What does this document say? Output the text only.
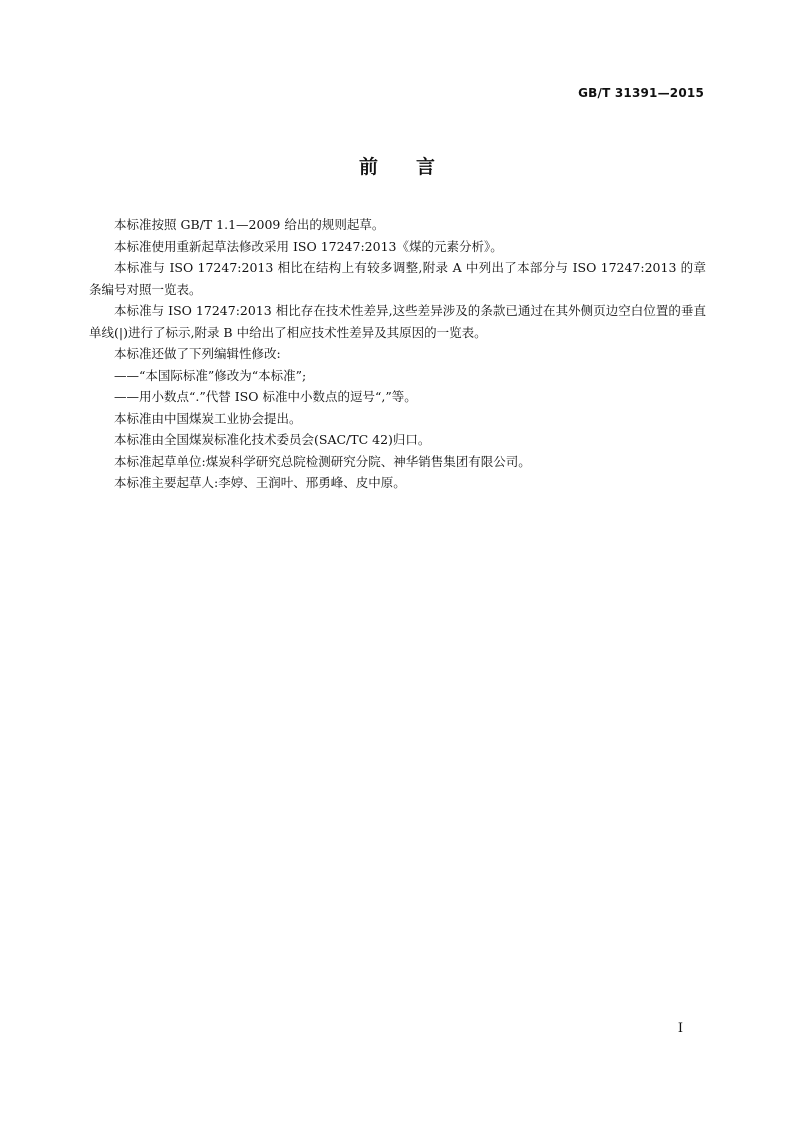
GB/T 31391—2015
前言

本标准按照 GB/T 1.1—2009 给出的规则起草。

本标准使用重新起草法修改采用 ISO 17247:2013《煤的元素分析》。

本标准与 ISO 17247:2013 相比在结构上有较多调整,附录 A 中列出了本部分与 ISO 17247:2013 的章条编号对照一览表。

本标准与 ISO 17247:2013 相比存在技术性差异,这些差异涉及的条款已通过在其外侧页边空白位置的垂直单线(|)进行了标示,附录 B 中给出了相应技术性差异及其原因的一览表。

本标准还做了下列编辑性修改:

——“本国际标准”修改为“本标准”;

——用小数点“.”代替 ISO 标准中小数点的逗号“,”等。

本标准由中国煤炭工业协会提出。

本标准由全国煤炭标准化技术委员会(SAC/TC 42)归口。

本标准起草单位:煤炭科学研究总院检测研究分院、神华销售集团有限公司。

本标准主要起草人:李婷、王润叶、邢勇峰、皮中原。

I
